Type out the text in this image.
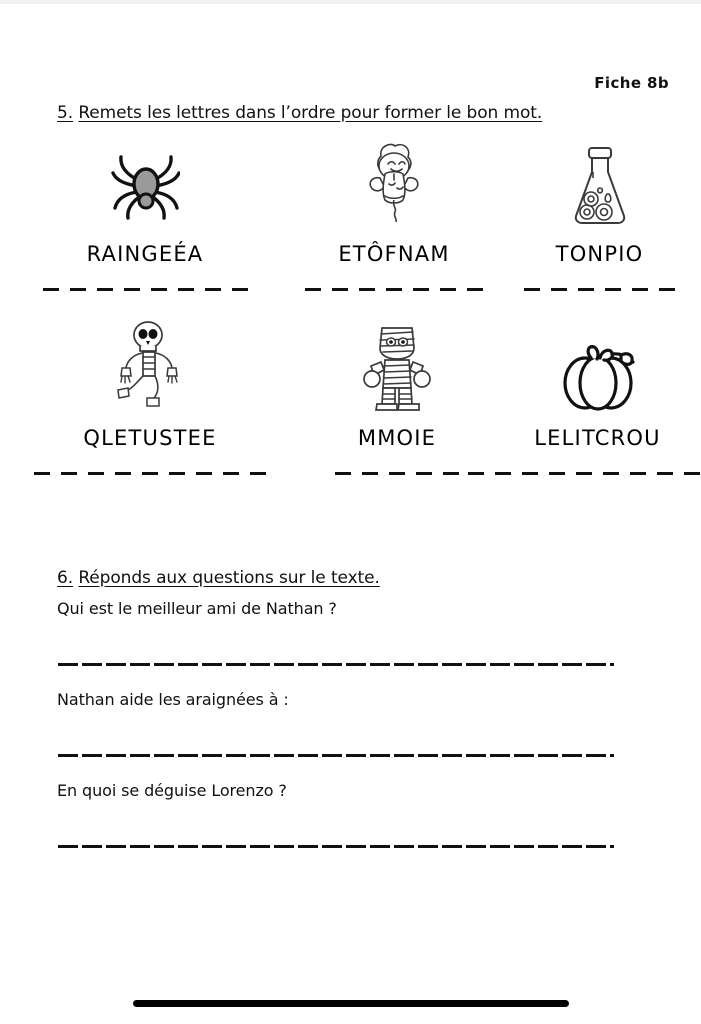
Fiche 8b
5. Remets les lettres dans l’ordre pour former le bon mot.
RAINGEÉA	ETÔFNAM	TONPIO
QLETUSTEE	MMOIE	LELITCROU
6. Réponds aux questions sur le texte.
Qui est le meilleur ami de Nathan ?
Nathan aide les araignées à :
En quoi se déguise Lorenzo ?
